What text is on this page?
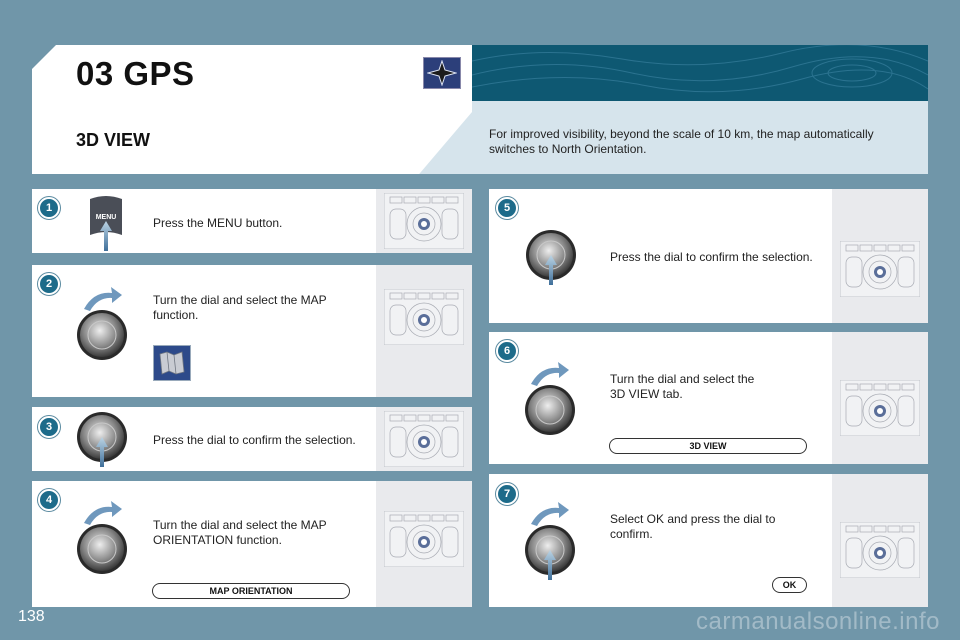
03 GPS
3D VIEW	For improved visibility, beyond the scale of 10 km, the map automatically switches to North Orientation.
MENU	Press the MENU button.
1
Turn the dial and select the MAP function.
2
Press the dial to confirm the selection.
3
Turn the dial and select the MAP ORIENTATION function.
MAP ORIENTATION
4
Press the dial to confirm the selection.
5
Turn the dial and select the 3D VIEW tab.
3D VIEW
6
Select OK and press the dial to confirm.
OK
7
138	carmanualsonline.info
